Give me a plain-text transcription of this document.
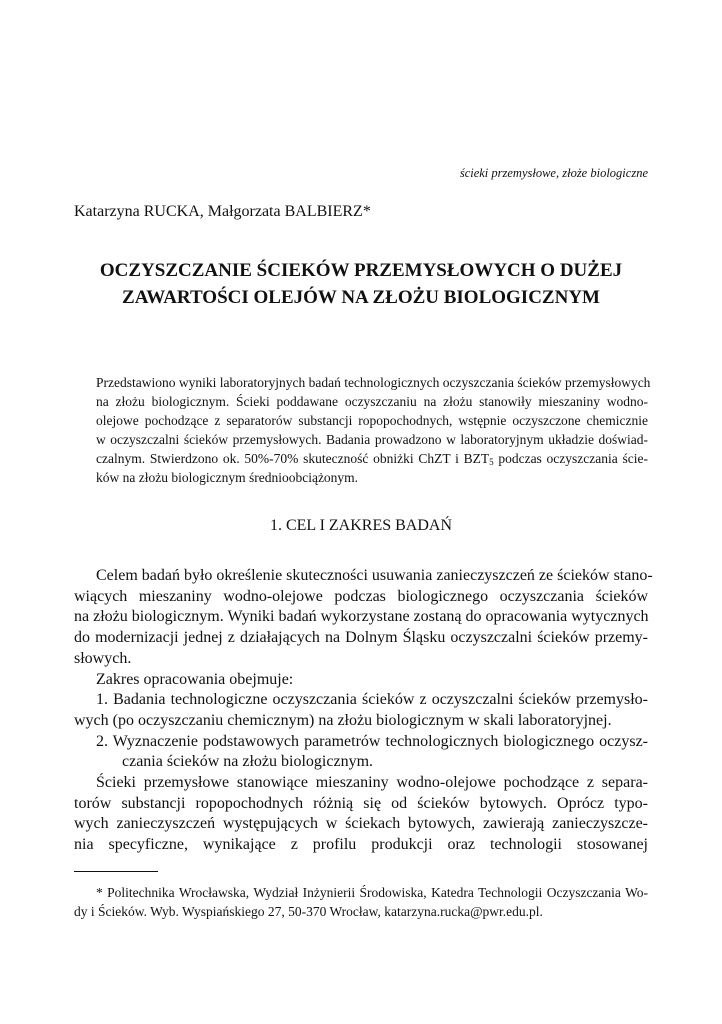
ścieki przemysłowe, złoże biologiczne
Katarzyna RUCKA, Małgorzata BALBIERZ*
OCZYSZCZANIE ŚCIEKÓW PRZEMYSŁOWYCH O DUŻEJ
ZAWARTOŚCI OLEJÓW NA ZŁOŻU BIOLOGICZNYM
Przedstawiono wyniki laboratoryjnych badań technologicznych oczyszczania ścieków przemysłowych
na złożu biologicznym. Ścieki poddawane oczyszczaniu na złożu stanowiły mieszaniny wodno-
olejowe pochodzące z separatorów substancji ropopochodnych, wstępnie oczyszczone chemicznie
w oczyszczalni ścieków przemysłowych. Badania prowadzono w laboratoryjnym układzie doświad-
czalnym. Stwierdzono ok. 50%-70% skuteczność obniżki ChZT i $BZT_5$ podczas oczyszczania ście-
ków na złożu biologicznym średnioobciążonym.
1. CEL I ZAKRES BADAŃ
Celem badań było określenie skuteczności usuwania zanieczyszczeń ze ścieków stano-
wiących mieszaniny wodno-olejowe podczas biologicznego oczyszczania ścieków
na złożu biologicznym. Wyniki badań wykorzystane zostaną do opracowania wytycznych
do modernizacji jednej z działających na Dolnym Śląsku oczyszczalni ścieków przemy-
słowych.
Zakres opracowania obejmuje:
1. Badania technologiczne oczyszczania ścieków z oczyszczalni ścieków przemysło-
wych (po oczyszczaniu chemicznym) na złożu biologicznym w skali laboratoryjnej.
2. Wyznaczenie podstawowych parametrów technologicznych biologicznego oczysz-
czania ścieków na złożu biologicznym.
Ścieki przemysłowe stanowiące mieszaniny wodno-olejowe pochodzące z separa-
torów substancji ropopochodnych różnią się od ścieków bytowych. Oprócz typo-
wych zanieczyszczeń występujących w ściekach bytowych, zawierają zanieczyszcze-
nia specyficzne, wynikające z profilu produkcji oraz technologii stosowanej
* Politechnika Wrocławska, Wydział Inżynierii Środowiska, Katedra Technologii Oczyszczania Wo-
dy i Ścieków. Wyb. Wyspiańskiego 27, 50-370 Wrocław, katarzyna.rucka@pwr.edu.pl.
